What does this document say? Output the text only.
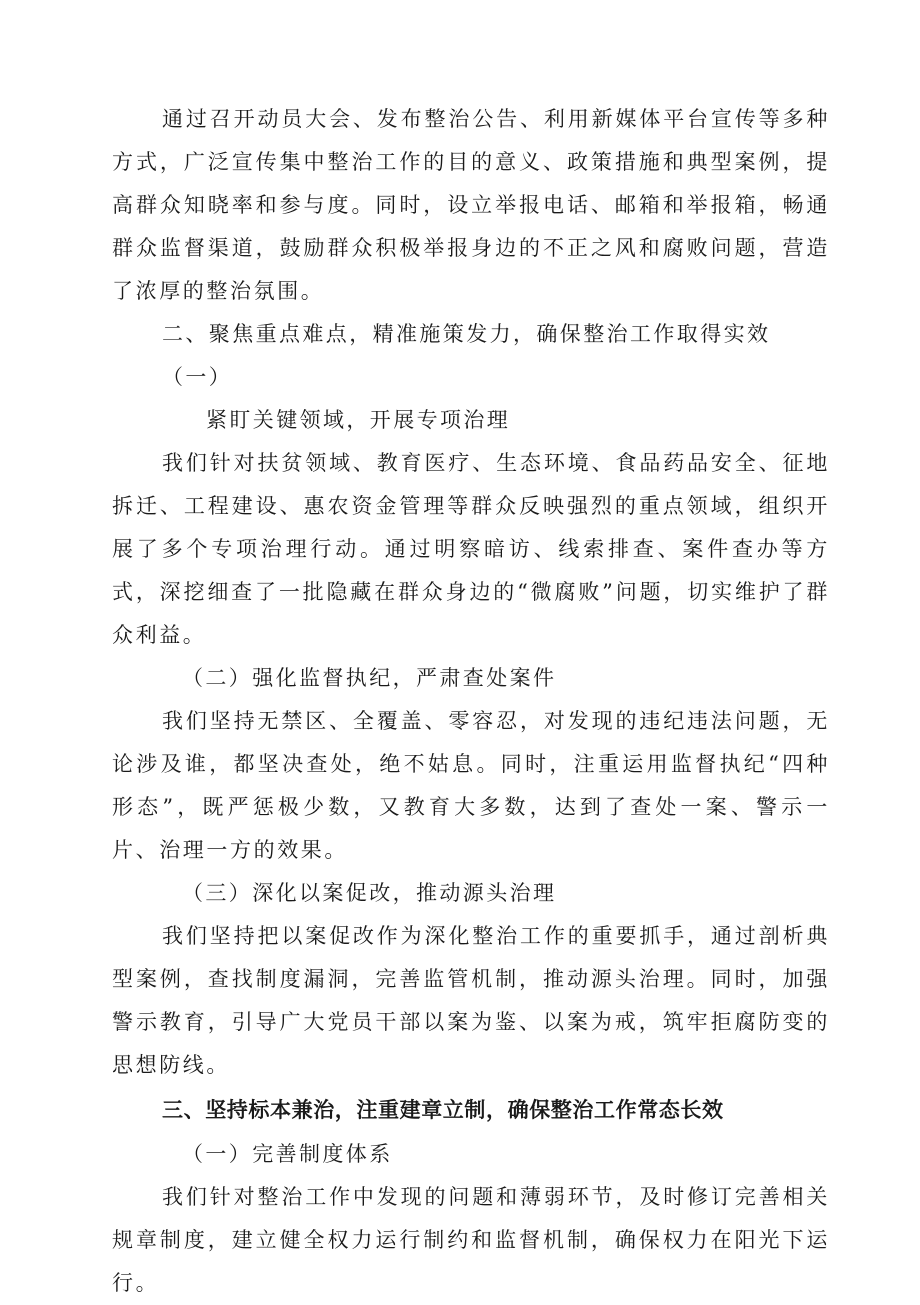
通过召开动员大会、发布整治公告、利用新媒体平台宣传等多种方式，广泛宣传集中整治工作的目的意义、政策措施和典型案例，提高群众知晓率和参与度。同时，设立举报电话、邮箱和举报箱，畅通群众监督渠道，鼓励群众积极举报身边的不正之风和腐败问题，营造了浓厚的整治氛围。

二、聚焦重点难点，精准施策发力，确保整治工作取得实效（一）
紧盯关键领域，开展专项治理

我们针对扶贫领域、教育医疗、生态环境、食品药品安全、征地拆迁、工程建设、惠农资金管理等群众反映强烈的重点领域，组织开展了多个专项治理行动。通过明察暗访、线索排查、案件查办等方式，深挖细查了一批隐藏在群众身边的“微腐败”问题，切实维护了群众利益。

（二）强化监督执纪，严肃查处案件

我们坚持无禁区、全覆盖、零容忍，对发现的违纪违法问题，无论涉及谁，都坚决查处，绝不姑息。同时，注重运用监督执纪“四种形态”，既严惩极少数，又教育大多数，达到了查处一案、警示一片、治理一方的效果。

（三）深化以案促改，推动源头治理

我们坚持把以案促改作为深化整治工作的重要抓手，通过剖析典型案例，查找制度漏洞，完善监管机制，推动源头治理。同时，加强警示教育，引导广大党员干部以案为鉴、以案为戒，筑牢拒腐防变的思想防线。

三、坚持标本兼治，注重建章立制，确保整治工作常态长效

（一）完善制度体系

我们针对整治工作中发现的问题和薄弱环节，及时修订完善相关规章制度，建立健全权力运行制约和监督机制，确保权力在阳光下运行。
